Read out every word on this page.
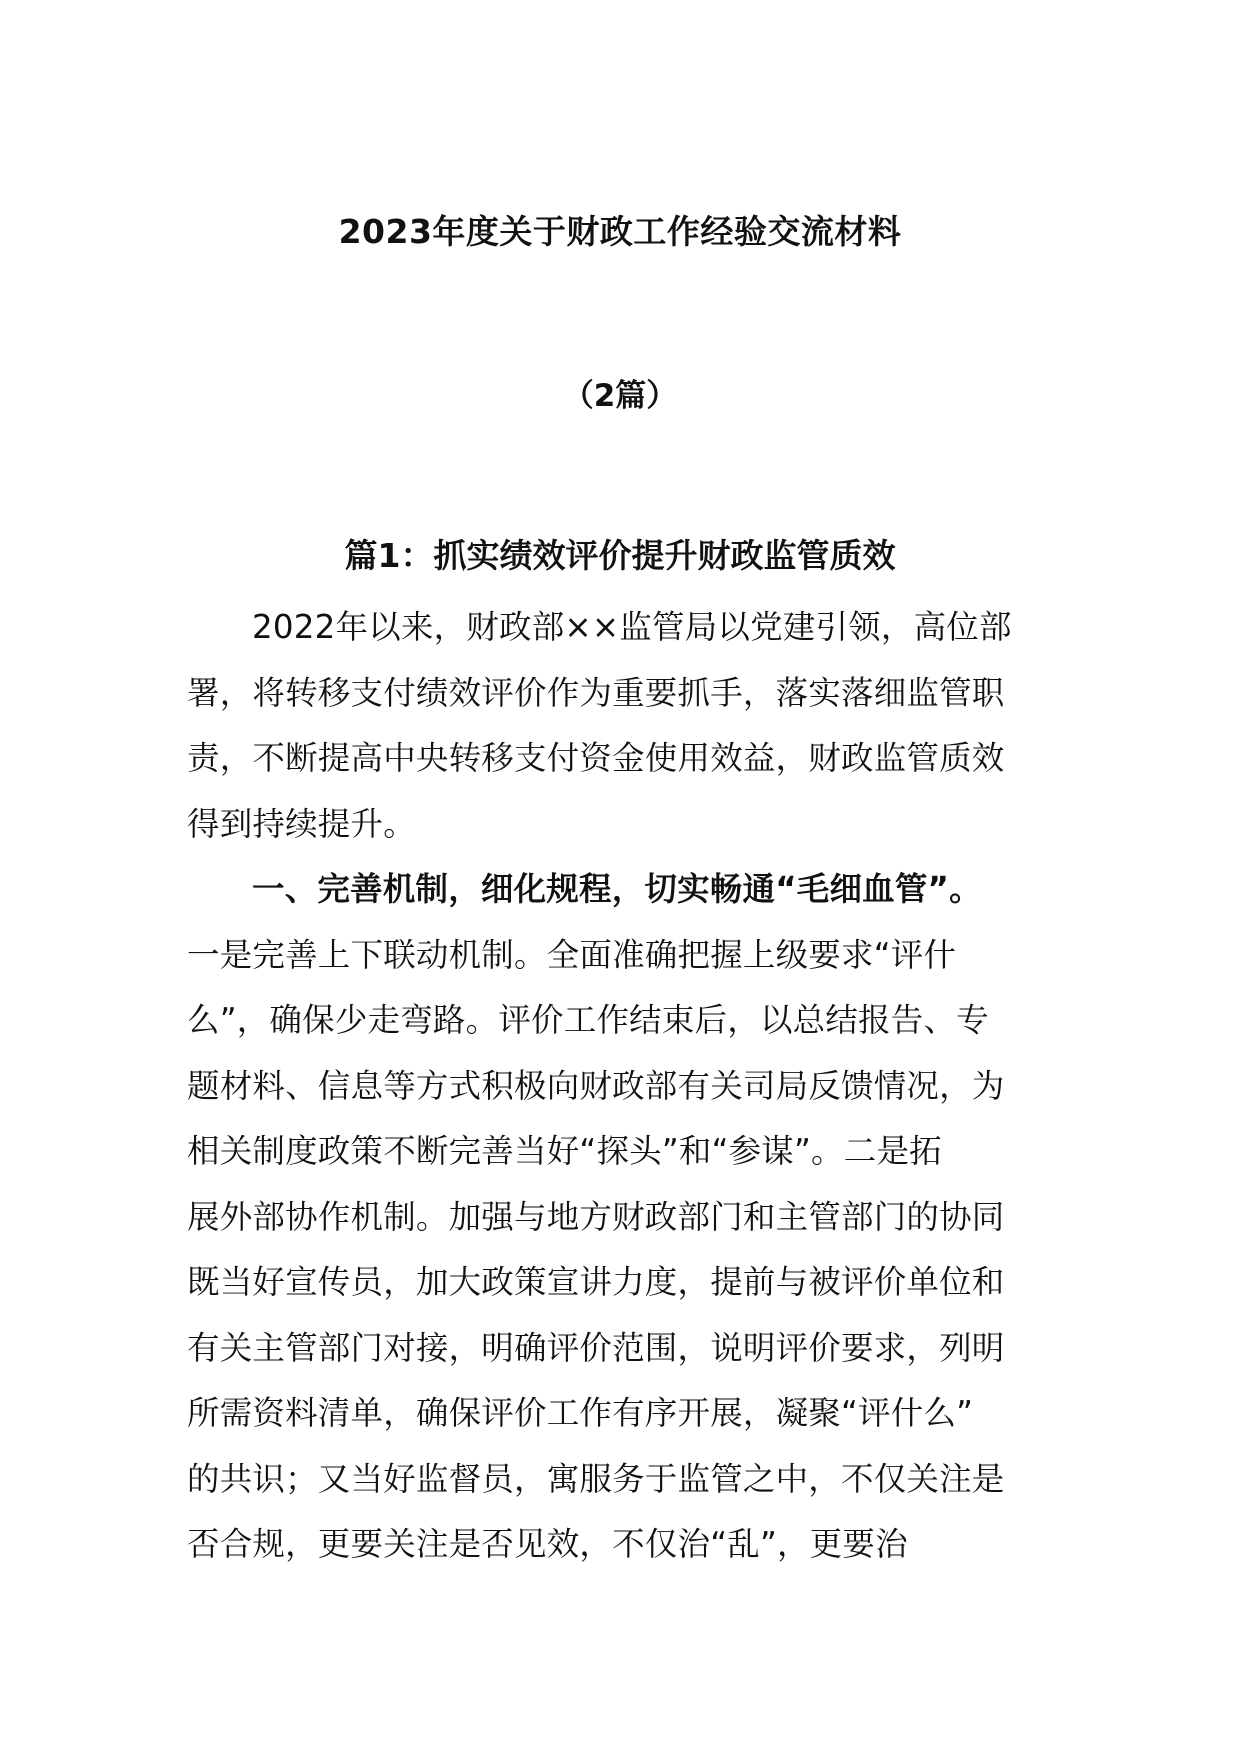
2023年度关于财政工作经验交流材料
（2篇）
篇1：抓实绩效评价提升财政监管质效
2022年以来，财政部××监管局以党建引领，高位部
署，将转移支付绩效评价作为重要抓手，落实落细监管职
责，不断提高中央转移支付资金使用效益，财政监管质效
得到持续提升。
一、完善机制，细化规程，切实畅通“毛细血管”。
一是完善上下联动机制。全面准确把握上级要求“评什
么”，确保少走弯路。评价工作结束后，以总结报告、专
题材料、信息等方式积极向财政部有关司局反馈情况，为
相关制度政策不断完善当好“探头”和“参谋”。二是拓
展外部协作机制。加强与地方财政部门和主管部门的协同
既当好宣传员，加大政策宣讲力度，提前与被评价单位和
有关主管部门对接，明确评价范围，说明评价要求，列明
所需资料清单，确保评价工作有序开展，凝聚“评什么”
的共识；又当好监督员，寓服务于监管之中，不仅关注是
否合规，更要关注是否见效，不仅治“乱”，更要治
